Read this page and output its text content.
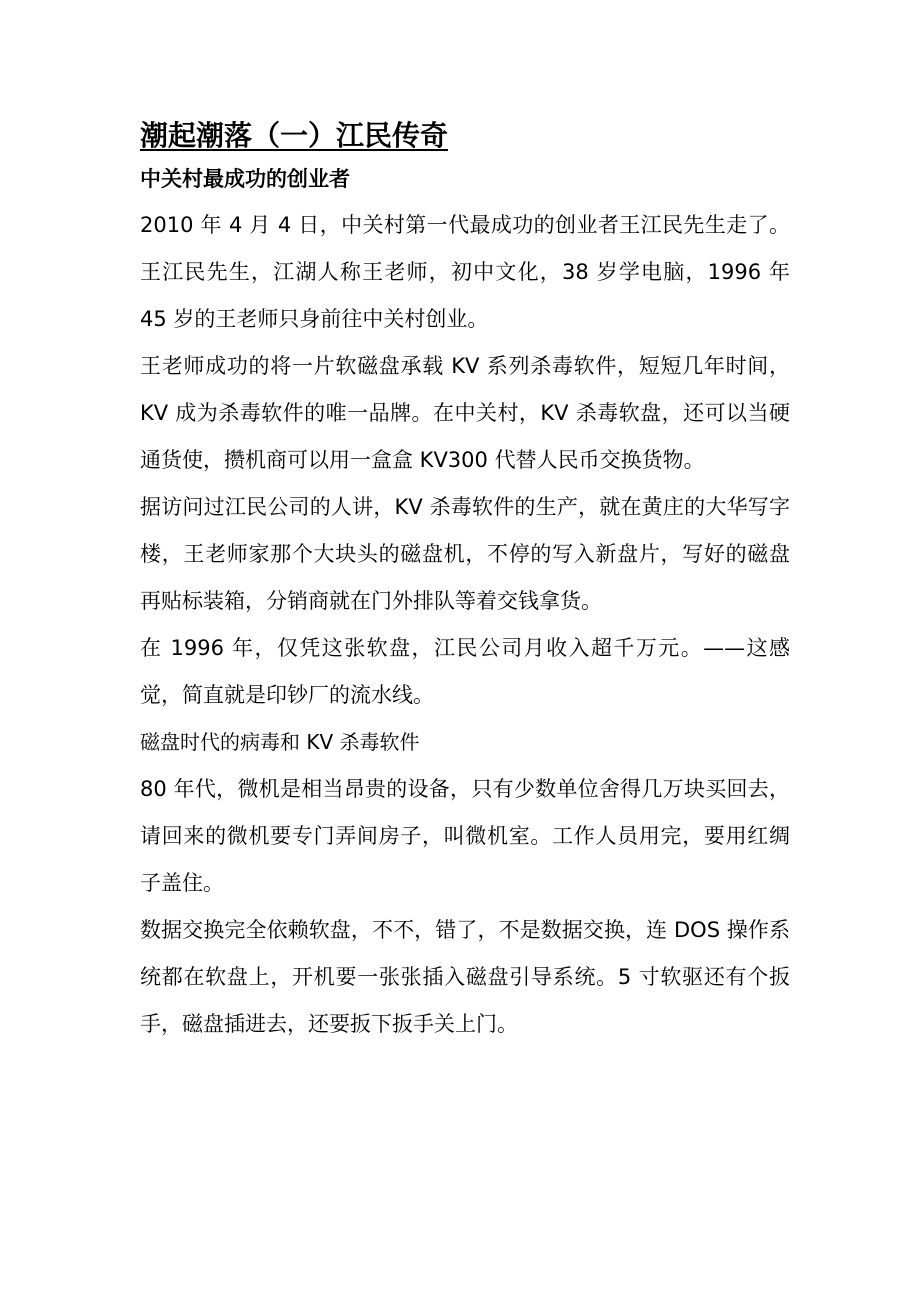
潮起潮落（一）江民传奇
中关村最成功的创业者

2010 年 4 月 4 日，中关村第一代最成功的创业者王江民先生走了。王江民先生，江湖人称王老师，初中文化，38 岁学电脑，1996 年 45 岁的王老师只身前往中关村创业。

王老师成功的将一片软磁盘承载 KV 系列杀毒软件，短短几年时间，KV 成为杀毒软件的唯一品牌。在中关村，KV 杀毒软盘，还可以当硬通货使，攒机商可以用一盒盒 KV300 代替人民币交换货物。

据访问过江民公司的人讲，KV 杀毒软件的生产，就在黄庄的大华写字楼，王老师家那个大块头的磁盘机，不停的写入新盘片，写好的磁盘再贴标装箱，分销商就在门外排队等着交钱拿货。

在 1996 年，仅凭这张软盘，江民公司月收入超千万元。——这感觉，简直就是印钞厂的流水线。

磁盘时代的病毒和 KV 杀毒软件

80 年代，微机是相当昂贵的设备，只有少数单位舍得几万块买回去，请回来的微机要专门弄间房子，叫微机室。工作人员用完，要用红绸子盖住。

数据交换完全依赖软盘，不不，错了，不是数据交换，连 DOS 操作系统都在软盘上，开机要一张张插入磁盘引导系统。5 寸软驱还有个扳手，磁盘插进去，还要扳下扳手关上门。
